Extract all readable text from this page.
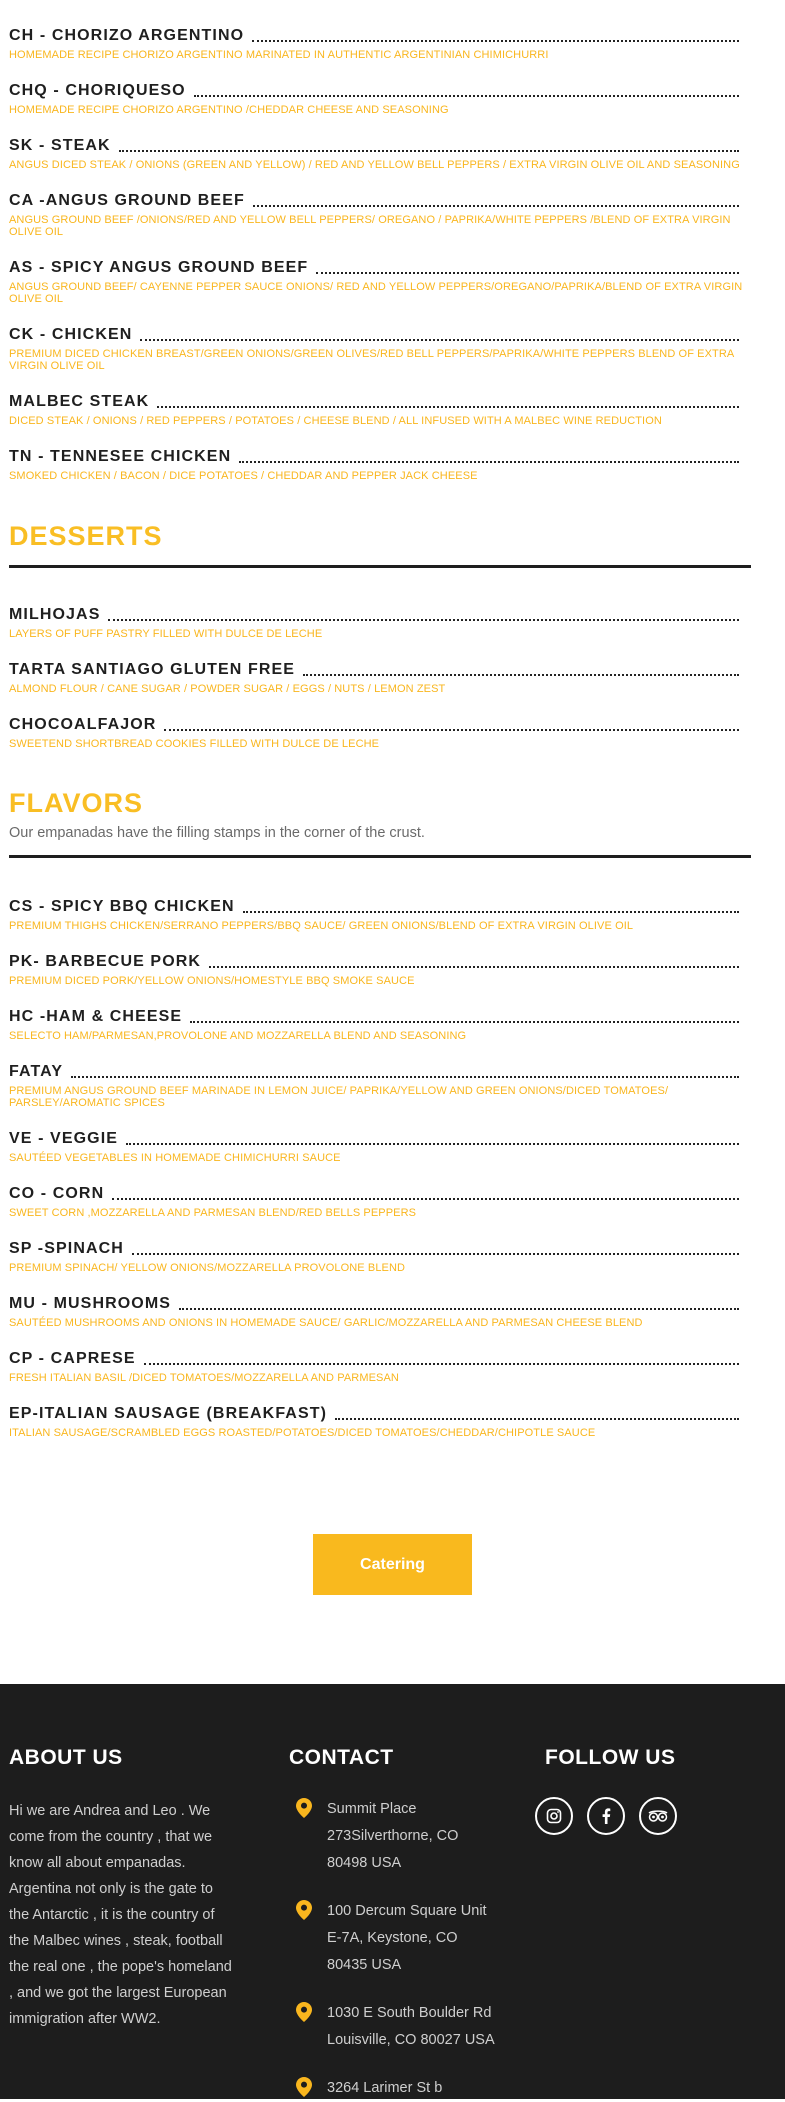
CH - CHORIZO ARGENTINO
HOMEMADE RECIPE CHORIZO ARGENTINO MARINATED IN AUTHENTIC ARGENTINIAN CHIMICHURRI
CHQ - CHORIQUESO
HOMEMADE RECIPE CHORIZO ARGENTINO /CHEDDAR CHEESE AND SEASONING
SK - STEAK
ANGUS DICED STEAK / ONIONS (GREEN AND YELLOW) / RED AND YELLOW BELL PEPPERS / EXTRA VIRGIN OLIVE OIL AND SEASONING
CA -ANGUS GROUND BEEF
ANGUS GROUND BEEF /ONIONS/RED AND YELLOW BELL PEPPERS/ OREGANO / PAPRIKA/WHITE PEPPERS /BLEND OF EXTRA VIRGIN OLIVE OIL
AS - SPICY ANGUS GROUND BEEF
ANGUS GROUND BEEF/ CAYENNE PEPPER SAUCE ONIONS/ RED AND YELLOW PEPPERS/OREGANO/PAPRIKA/BLEND OF EXTRA VIRGIN OLIVE OIL
CK - CHICKEN
PREMIUM DICED CHICKEN BREAST/GREEN ONIONS/GREEN OLIVES/RED BELL PEPPERS/PAPRIKA/WHITE PEPPERS BLEND OF EXTRA VIRGIN OLIVE OIL
MALBEC STEAK
DICED STEAK / ONIONS / RED PEPPERS / POTATOES / CHEESE BLEND / ALL INFUSED WITH A MALBEC WINE REDUCTION
TN - TENNESEE CHICKEN
SMOKED CHICKEN / BACON / DICE POTATOES / CHEDDAR AND PEPPER JACK CHEESE
DESSERTS
MILHOJAS
LAYERS OF PUFF PASTRY FILLED WITH DULCE DE LECHE
TARTA SANTIAGO GLUTEN FREE
ALMOND FLOUR / CANE SUGAR / POWDER SUGAR / EGGS / NUTS / LEMON ZEST
CHOCOALFAJOR
SWEETEND SHORTBREAD COOKIES FILLED WITH DULCE DE LECHE
FLAVORS
Our empanadas have the filling stamps in the corner of the crust.
CS - SPICY BBQ CHICKEN
PREMIUM THIGHS CHICKEN/SERRANO PEPPERS/BBQ SAUCE/ GREEN ONIONS/BLEND OF EXTRA VIRGIN OLIVE OIL
PK- BARBECUE PORK
PREMIUM DICED PORK/YELLOW ONIONS/HOMESTYLE BBQ SMOKE SAUCE
HC -HAM & CHEESE
SELECTO HAM/PARMESAN,PROVOLONE AND MOZZARELLA BLEND AND SEASONING
FATAY
PREMIUM ANGUS GROUND BEEF MARINADE IN LEMON JUICE/ PAPRIKA/YELLOW AND GREEN ONIONS/DICED TOMATOES/ PARSLEY/AROMATIC SPICES
VE - VEGGIE
SAUTÉED VEGETABLES IN HOMEMADE CHIMICHURRI SAUCE
CO - CORN
SWEET CORN ,MOZZARELLA AND PARMESAN BLEND/RED BELLS PEPPERS
SP -SPINACH
PREMIUM SPINACH/ YELLOW ONIONS/MOZZARELLA PROVOLONE BLEND
MU - MUSHROOMS
SAUTÉED MUSHROOMS AND ONIONS IN HOMEMADE SAUCE/ GARLIC/MOZZARELLA AND PARMESAN CHEESE BLEND
CP - CAPRESE
FRESH ITALIAN BASIL /DICED TOMATOES/MOZZARELLA AND PARMESAN
EP-ITALIAN SAUSAGE (BREAKFAST)
ITALIAN SAUSAGE/SCRAMBLED EGGS ROASTED/POTATOES/DICED TOMATOES/CHEDDAR/CHIPOTLE SAUCE
Catering
ABOUT US

Hi we are Andrea and Leo . We come from the country , that we know all about empanadas. Argentina not only is the gate to the Antarctic , it is the country of the Malbec wines , steak, football the real one , the pope's homeland , and we got the largest European immigration after WW2.

CONTACT
Summit Place
273Silverthorne, CO
80498 USA
100 Dercum Square Unit
E-7A, Keystone, CO
80435 USA
1030 E South Boulder Rd
Louisville, CO 80027 USA
3264 Larimer St b
FOLLOW US
